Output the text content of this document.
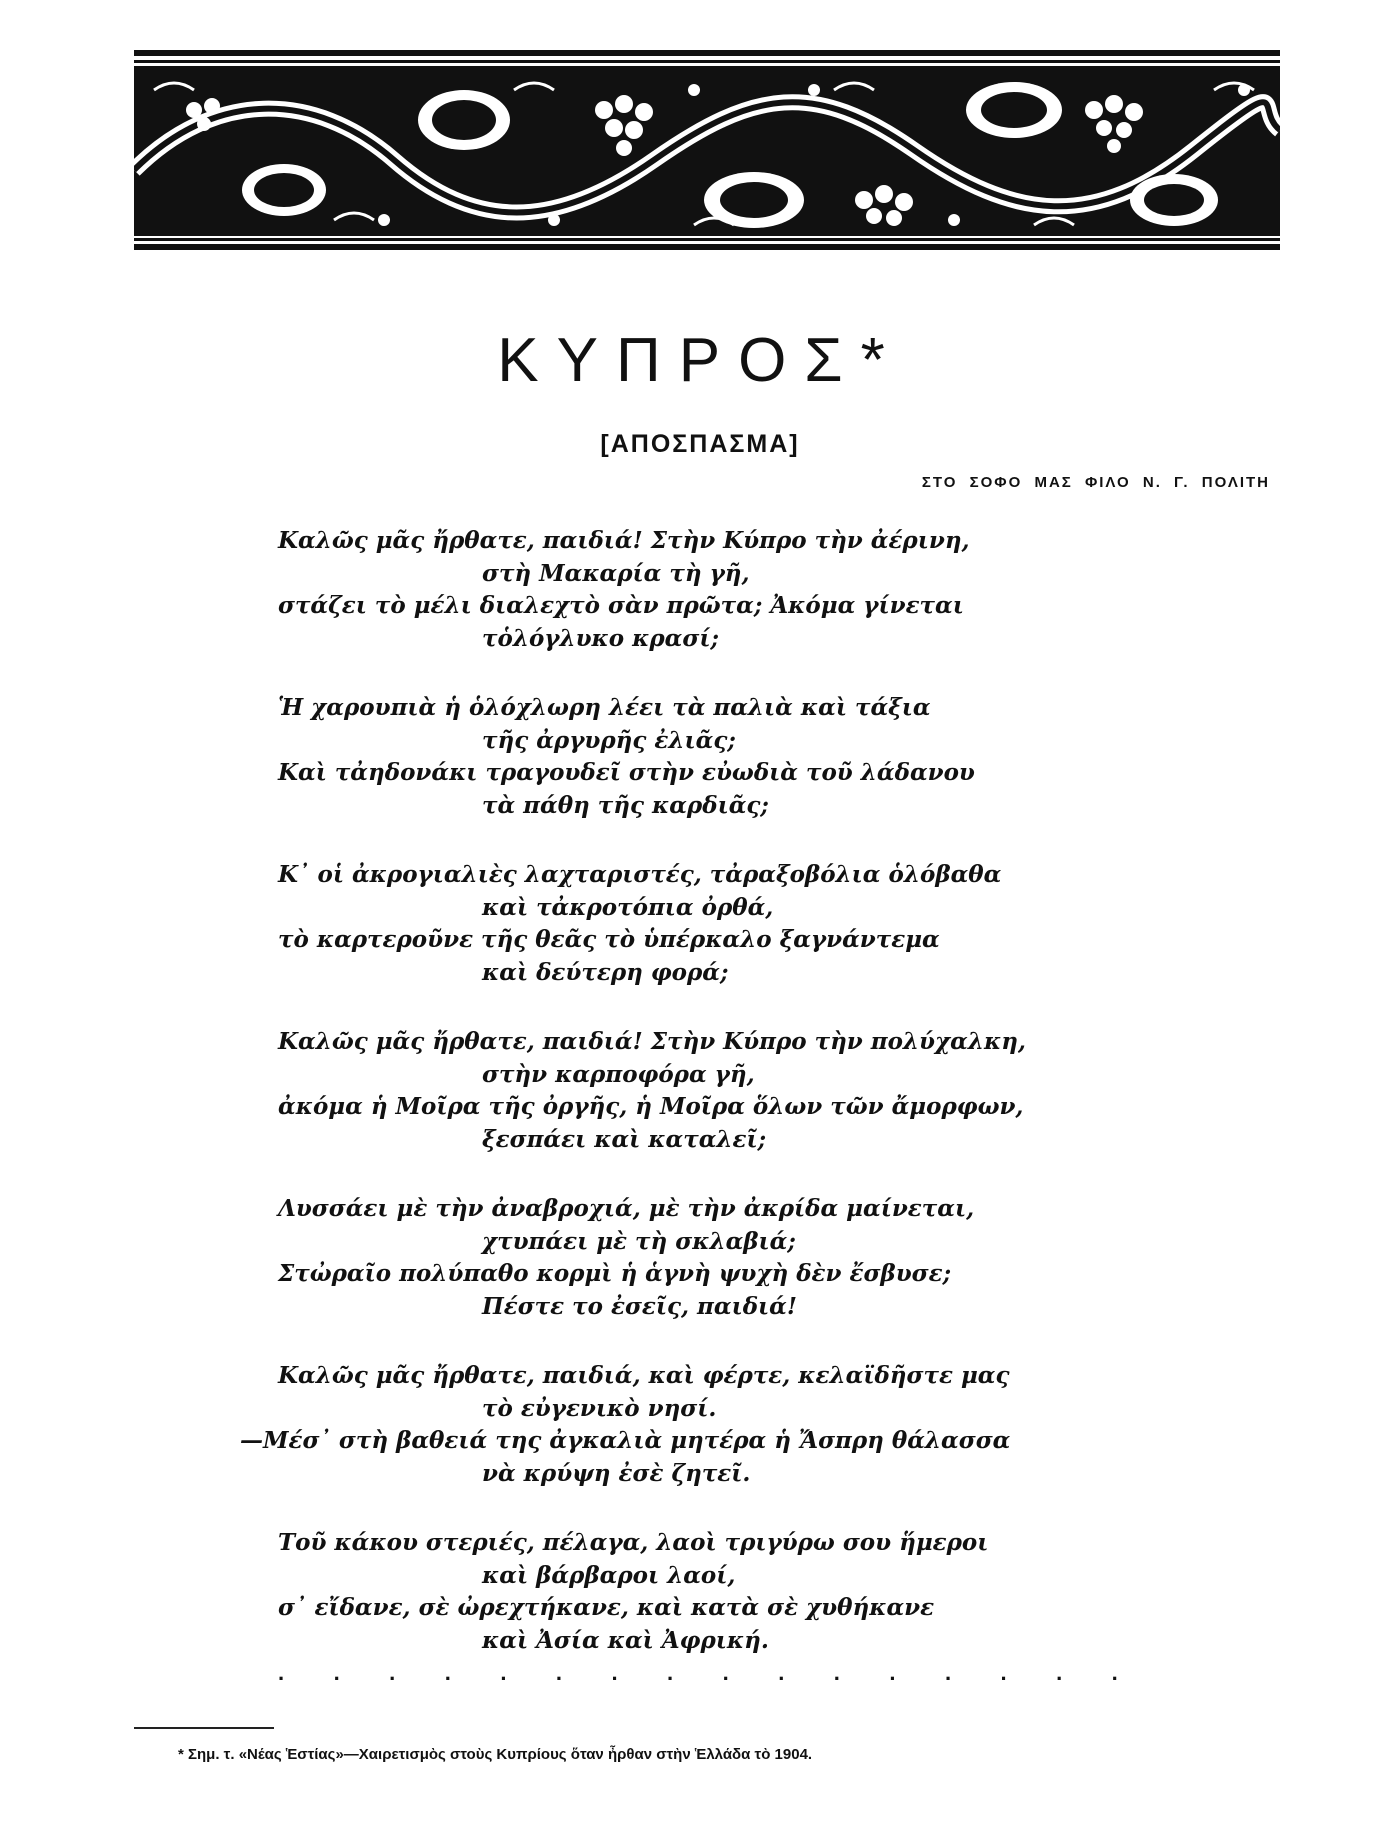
ΚΥΠΡΟΣ*
[ΑΠΟΣΠΑΣΜΑ]
ΣΤΟ ΣΟΦΟ ΜΑΣ ΦΙΛΟ Ν. Γ. ΠΟΛΙΤΗ
Καλῶς μᾶς ἤρθατε, παιδιά! Στὴν Κύπρο τὴν ἀέρινη,
στὴ Μακαρία τὴ γῆ,
στάζει τὸ μέλι διαλεχτὸ σὰν πρῶτα; Ἀκόμα γίνεται
τὁλόγλυκο κρασί;
Ἡ χαρουπιὰ ἡ ὁλόχλωρη λέει τὰ παλιὰ καὶ τάξια
τῆς ἀργυρῆς ἐλιᾶς;
Καὶ τἀηδονάκι τραγουδεῖ στὴν εὐωδιὰ τοῦ λάδανου
τὰ πάθη τῆς καρδιᾶς;
Κ᾿ οἱ ἀκρογιαλιὲς λαχταριστές, τἀραξοβόλια ὁλόβαθα
καὶ τἀκροτόπια ὀρθά,
τὸ καρτεροῦνε τῆς θεᾶς τὸ ὑπέρκαλο ξαγνάντεμα
καὶ δεύτερη φορά;
Καλῶς μᾶς ἤρθατε, παιδιά! Στὴν Κύπρο τὴν πολύχαλκη,
στὴν καρποφόρα γῆ,
ἀκόμα ἡ Μοῖρα τῆς ὀργῆς, ἡ Μοῖρα ὅλων τῶν ἄμορφων,
ξεσπάει καὶ καταλεῖ;
Λυσσάει μὲ τὴν ἀναβροχιά, μὲ τὴν ἀκρίδα μαίνεται,
χτυπάει μὲ τὴ σκλαβιά;
Στὠραῖο πολύπαθο κορμὶ ἡ ἁγνὴ ψυχὴ δὲν ἔσβυσε;
Πέστε το ἐσεῖς, παιδιά!
Καλῶς μᾶς ἤρθατε, παιδιά, καὶ φέρτε, κελαϊδῆστε μας
τὸ εὐγενικὸ νησί.
—Μέσ᾿ στὴ βαθειά της ἀγκαλιὰ μητέρα ἡ Ἄσπρη θάλασσα
νὰ κρύψη ἐσὲ ζητεῖ.
Τοῦ κάκου στεριές, πέλαγα, λαοὶ τριγύρω σου ἥμεροι
καὶ βάρβαροι λαοί,
σ᾿ εἴδανε, σὲ ὠρεχτήκανε, καὶ κατὰ σὲ χυθήκανε
καὶ Ἀσία καὶ Ἀφρική.
. . . . . . . . . . . . . . . .
* Σημ. τ. «Νέας Ἑστίας»—Χαιρετισμὸς στοὺς Κυπρίους ὅταν ἦρθαν στὴν Ἑλλάδα τὸ 1904.
